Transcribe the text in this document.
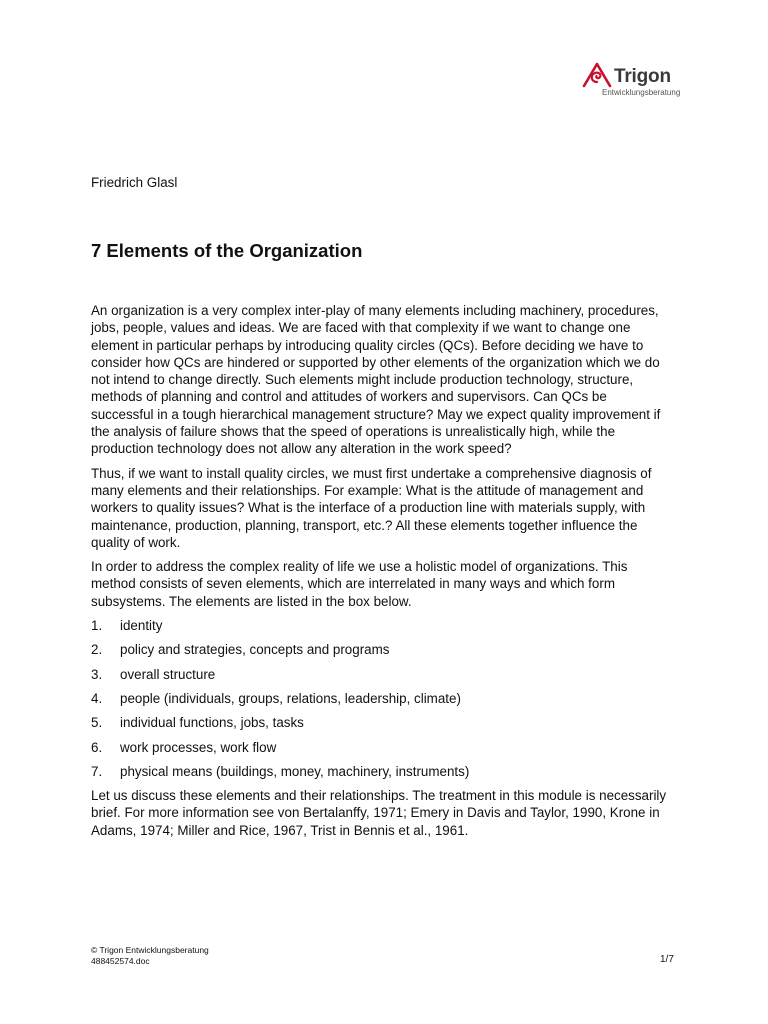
Trigon
Entwicklungsberatung
Friedrich Glasl
7 Elements of the Organization

An organization is a very complex inter-play of many elements including machinery, procedures, jobs, people, values and ideas. We are faced with that complexity if we want to change one element in particular perhaps by introducing quality circles (QCs). Before deciding we have to consider how QCs are hindered or supported by other elements of the organization which we do not intend to change directly. Such elements might include production technology, structure, methods of planning and control and attitudes of workers and supervisors. Can QCs be successful in a tough hierarchical management structure? May we expect quality improvement if the analysis of failure shows that the speed of operations is unrealistically high, while the production technology does not allow any alteration in the work speed?

Thus, if we want to install quality circles, we must first undertake a comprehensive diagnosis of many elements and their relationships. For example: What is the attitude of management and workers to quality issues? What is the interface of a production line with materials supply, with maintenance, production, planning, transport, etc.? All these elements together influence the quality of work.

In order to address the complex reality of life we use a holistic model of organizations. This method consists of seven elements, which are interrelated in many ways and which form subsystems. The elements are listed in the box below.

1.	identity
2.	policy and strategies, concepts and programs
3.	overall structure
4.	people (individuals, groups, relations, leadership, climate)
5.	individual functions, jobs, tasks
6.	work processes, work flow
7.	physical means (buildings, money, machinery, instruments)

Let us discuss these elements and their relationships. The treatment in this module is necessarily brief. For more information see von Bertalanffy, 1971; Emery in Davis and Taylor, 1990, Krone in Adams, 1974; Miller and Rice, 1967, Trist in Bennis et al., 1961.

© Trigon Entwicklungsberatung
488452574.doc	1/7
